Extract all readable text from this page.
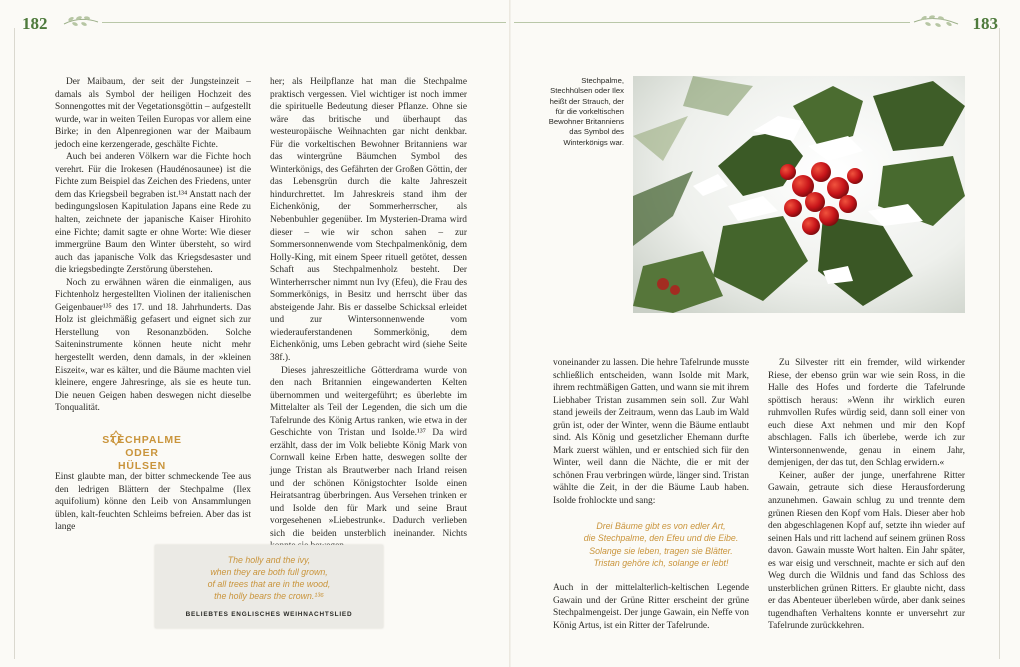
182	183

Der Maibaum, der seit der Jungsteinzeit – damals als Symbol der heiligen Hochzeit des Sonnengottes mit der Vegetationsgöttin – aufgestellt wurde, war in weiten Teilen Europas vor allem eine Birke; in den Alpenregionen war der Maibaum jedoch eine kerzengerade, geschälte Fichte.

Auch bei anderen Völkern war die Fichte hoch verehrt. Für die Irokesen (Haudénosaunee) ist die Fichte zum Beispiel das Zeichen des Friedens, unter dem das Kriegsbeil begraben ist.¹³⁴ Anstatt nach der bedingungslosen Kapitulation Japans eine Rede zu halten, zeichnete der japanische Kaiser Hirohito eine Fichte; damit sagte er ohne Worte: Wie dieser immergrüne Baum den Winter übersteht, so wird auch das japanische Volk das Kriegsdesaster und die kriegsbedingte Zerstörung überstehen.

Noch zu erwähnen wären die einmaligen, aus Fichtenholz hergestellten Violinen der italienischen Geigenbauer¹³⁵ des 17. und 18. Jahrhunderts. Das Holz ist gleichmäßig gefasert und eignet sich zur Herstellung von Resonanzböden. Solche Saiteninstrumente können heute nicht mehr hergestellt werden, denn damals, in der »kleinen Eiszeit«, war es kälter, und die Bäume machten viel kleinere, engere Jahresringe, als sie es heute tun. Die neuen Geigen haben deswegen nicht dieselbe Tonqualität.

STECHPALME
ODER HÜLSEN

Einst glaubte man, der bitter schmeckende Tee aus den ledrigen Blättern der Stechpalme (Ilex aquifolium) könne den Leib von Ansammlungen üblen, kalt-feuchten Schleims befreien. Aber das ist lange

her; als Heilpflanze hat man die Stechpalme praktisch vergessen. Viel wichtiger ist noch immer die spirituelle Bedeutung dieser Pflanze. Ohne sie wäre das britische und überhaupt das westeuropäische Weihnachten gar nicht denkbar. Für die vorkeltischen Bewohner Britanniens war das wintergrüne Bäumchen Symbol des Winterkönigs, des Gefährten der Großen Göttin, der das Lebensgrün durch die kalte Jahreszeit hindurchrettet. Im Jahreskreis stand ihm der Eichenkönig, der Sommerherrscher, als Nebenbuhler gegenüber. Im Mysterien-Drama wird dieser – wie wir schon sahen – zur Sommersonnenwende vom Stechpalmenkönig, dem Holly-King, mit einem Speer rituell getötet, dessen Schaft aus Stechpalmenholz besteht. Der Winterherrscher nimmt nun Ivy (Efeu), die Frau des Sommerkönigs, in Besitz und herrscht über das absteigende Jahr. Bis er dasselbe Schicksal erleidet und zur Wintersonnenwende vom wiederauferstandenen Sommerkönig, dem Eichenkönig, ums Leben gebracht wird (siehe Seite 38f.).

Dieses jahreszeitliche Götterdrama wurde von den nach Britannien eingewanderten Kelten übernommen und weitergeführt; es überlebte im Mittelalter als Teil der Legenden, die sich um die Tafelrunde des König Artus ranken, wie etwa in der Geschichte von Tristan und Isolde.¹³⁷ Da wird erzählt, dass der im Volk beliebte König Mark von Cornwall keine Erben hatte, deswegen sollte der junge Tristan als Brautwerber nach Irland reisen und der schönen Königstochter Isolde einen Heiratsantrag überbringen. Aus Versehen trinken er und Isolde den für Mark und seine Braut vorgesehenen »Liebestrunk«. Dadurch verlieben sich die beiden unsterblich ineinander. Nichts

The holly and the ivy,
when they are both full grown,
of all trees that are in the wood,
the holly bears the crown.¹³⁶
BELIEBTES ENGLISCHES WEIHNACHTSLIED
Stechpalme, Stechhülsen oder Ilex heißt der Strauch, der für die vorkeltischen Bewohner Britanniens das Symbol des Winterkönigs war.

voneinander zu lassen. Die hehre Tafelrunde musste schließlich entscheiden, wann Isolde mit Mark, ihrem rechtmäßigen Gatten, und wann sie mit ihrem Liebhaber Tristan zusammen sein soll. Zur Wahl stand jeweils der Zeitraum, wenn das Laub im Wald grün ist, oder der Winter, wenn die Bäume entlaubt sind. Als König und gesetzlicher Ehemann durfte Mark zuerst wählen, und er entschied sich für den Winter, weil dann die Nächte, die er mit der schönen Frau verbringen würde, länger sind. Tristan wählte die Zeit, in der die Bäume Laub haben. Isolde frohlockte und sang:

Drei Bäume gibt es von edler Art,
die Stechpalme, den Efeu und die Eibe.
Solange sie leben, tragen sie Blätter.
Tristan gehöre ich, solange er lebt!

Auch in der mittelalterlich-keltischen Legende Gawain und der Grüne Ritter erscheint der grüne Stechpalmengeist. Der junge Gawain, ein Neffe von König Artus, ist ein Ritter der Tafelrunde.

Zu Silvester ritt ein fremder, wild wirkender Riese, der ebenso grün war wie sein Ross, in die Halle des Hofes und forderte die Tafelrunde spöttisch heraus: »Wenn ihr wirklich euren ruhmvollen Rufes würdig seid, dann soll einer von euch diese Axt nehmen und mir den Kopf abschlagen. Falls ich überlebe, werde ich zur Wintersonnenwende, genau in einem Jahr, demjenigen, der das tut, den Schlag erwidern.«

Keiner, außer der junge, unerfahrene Ritter Gawain, getraute sich diese Herausforderung anzunehmen. Gawain schlug zu und trennte dem grünen Riesen den Kopf vom Hals. Dieser aber hob den abgeschlagenen Kopf auf, setzte ihn wieder auf seinen Hals und ritt lachend auf seinem grünen Ross davon. Gawain musste Wort halten. Ein Jahr später, es war eisig und verschneit, machte er sich auf den Weg durch die Wildnis und fand das Schloss des unsterblichen grünen Ritters. Er glaubte nicht, dass er das Abenteuer überleben würde, aber dank seines tugendhaften Verhaltens konnte er unversehrt zur Tafelrunde zurückkehren.
